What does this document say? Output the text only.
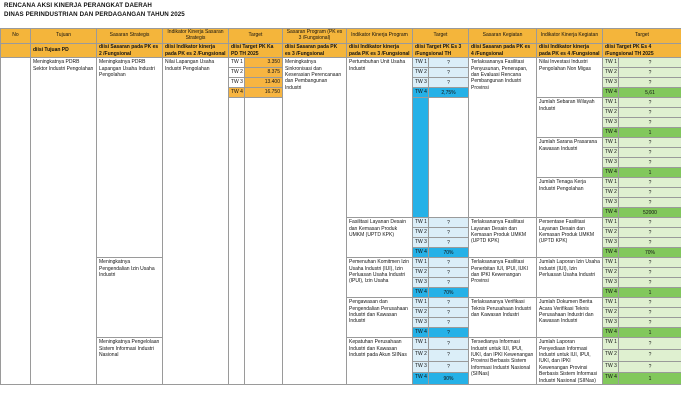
RENCANA AKSI KINERJA PERANGKAT DAERAH
DINAS PERINDUSTRIAN DAN PERDAGANGAN TAHUN 2025
No	Tujuan	Sasaran Strategis	Indikator Kinerja Sasaran Strategis	Target		Sasaran Program (PK es 3 /Fungsional)	Indikator Kinerja Program	Target		Sasaran Kegiatan	Indikator Kinerja Kegiatan	Target	
	diisi Tujuan PD	diisi Sasaran pada PK es 2 /Fungsional	diisi Indikator kinerja pada PK es 2 /Fungsional	diisi Target PK Ka PD TH 2025		diisi Sasaran pada PK es 3 /Fungsional	diisi Indikator kinerja pada PK es 3 /Fungsional	diisi Target PK Es 3 /Fungsional TH		diisi Sasaran pada PK es 4 /Fungsional	diisi Indikator kinerja pada PK es 4 /Fungsional	diisi Target PK Es 4 /Fungsional TH 2025	
	Meningkatnya PDRB Sektor Industri Pengolahan	Meningkatnya PDRB Lapangan Usaha Industri Pengolahan	Nilai Lapangan Usaha Industri Pengolahan	TW 1	3.350	Meningkatnya Sinkronisasi dan Keserasian Perencanaan dan Pembangunan Industri	Pertumbuhan Unit Usaha Industri	TW 1	?	Terlaksananya Fasilitasi Penyusunan, Penerapan, dan Evaluasi Rencana Pembangunan Industri Provinsi	Nilai Investasi Industri Pengolahan Non Migas	TW 1	?
				TW 2	8.375			TW 2	?			TW 2	?
				TW 3	13.400			TW 3	?			TW 3	?
				TW 4	16.750			TW 4	2,75%			TW 4	5,61
											Jumlah Sebaran Wilayah Industri	TW 1	?
												TW 2	?
												TW 3	?
												TW 4	1
											Jumlah Sarana Prasarana Kawasan Industri	TW 1	?
												TW 2	?
												TW 3	?
												TW 4	1
											Jumlah Tenaga Kerja Industri Pengolahan	TW 1	?
												TW 2	?
												TW 3	?
												TW 4	52000
							Fasilitasi Layanan Desain dan Kemasan Produk UMKM (UPTD KPK)	TW 1	?	Terlaksananya Fasilitasi Layanan Desain dan Kemasan Produk UMKM (UPTD KPK)	Persentase Fasilitasi Layanan Desain dan Kemasan Produk UMKM (UPTD KPK)	TW 1	?
								TW 2	?			TW 2	?
								TW 3	?			TW 3	?
								TW 4	70%			TW 4	70%
		Meningkatnya Pengendalian Izin Usaha Industri					Pemenuhan Komitmen Izin Usaha Industri (IUI), Izin Perluasan Usaha Industri (IPUI), Izin Usaha	TW 1	?	Terlaksananya Fasilitasi Penerbitan IUI, IPUI, IUKI dan IPKI Kewenangan Provinsi	Jumlah Laporan Izin Usaha Industri (IUI), Izin Perluasan Usaha Industri	TW 1	?
								TW 2	?			TW 2	?
								TW 3	?			TW 3	?
								TW 4	70%			TW 4	1
							Pengawasan dan Pengendalian Perusahaan Industri dan Kawasan Industri	TW 1	?	Terlaksananya Verifikasi Teknis Perusahaan Industri dan Kawasan Industri	Jumlah Dokumen Berita Acara Verifikasi Teknis Perusahaan Industri dan Kawasan Industri	TW 1	?
								TW 2	?			TW 2	?
								TW 3	?			TW 3	?
								TW 4	?			TW 4	1
		Meningkatnya Pengelolaan Sistem Informasi Industri Nasional					Kepatuhan Perusahaan Industri dan Kawasan Industri pada Akun SIINas	TW 1	?	Tersedianya Informasi Industri untuk IUI, IPUI, IUKI, dan IPKI Kewenangan Provinsi Berbasis Sistem Informasi Industri Nasional (SIINas)	Jumlah Laporan Penyediaan Informasi Industri untuk IUI, IPUI, IUKI, dan IPKI Kewenangan Provinsi Berbasis Sistem Informasi Industri Nasional (SIINas)	TW 1	?
								TW 2	?			TW 2	?
								TW 3	?			TW 3	?
								TW 4	90%			TW 4	1
